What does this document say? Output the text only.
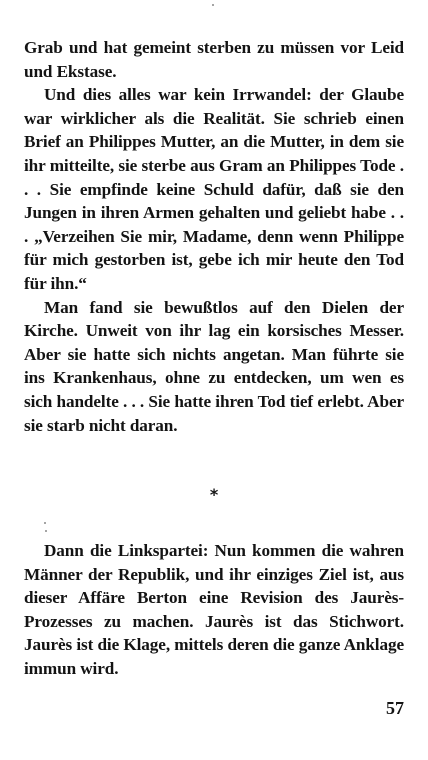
Grab und hat gemeint sterben zu müssen vor Leid und Ekstase.

Und dies alles war kein Irrwandel: der Glaube war wirklicher als die Realität. Sie schrieb einen Brief an Philippes Mutter, an die Mutter, in dem sie ihr mitteilte, sie sterbe aus Gram an Philippes Tode . . . Sie empfinde keine Schuld dafür, daß sie den Jungen in ihren Armen gehalten und geliebt habe . . . „Verzeihen Sie mir, Madame, denn wenn Philippe für mich gestorben ist, gebe ich mir heute den Tod für ihn.“

Man fand sie bewußtlos auf den Dielen der Kirche. Unweit von ihr lag ein korsisches Messer. Aber sie hatte sich nichts angetan. Man führte sie ins Krankenhaus, ohne zu entdecken, um wen es sich handelte . . . Sie hatte ihren Tod tief erlebt. Aber sie starb nicht daran.

*

Dann die Linkspartei: Nun kommen die wahren Männer der Republik, und ihr einziges Ziel ist, aus dieser Affäre Berton eine Revision des Jaurès-Prozesses zu machen. Jaurès ist das Stichwort. Jaurès ist die Klage, mittels deren die ganze Anklage immun wird.

57
